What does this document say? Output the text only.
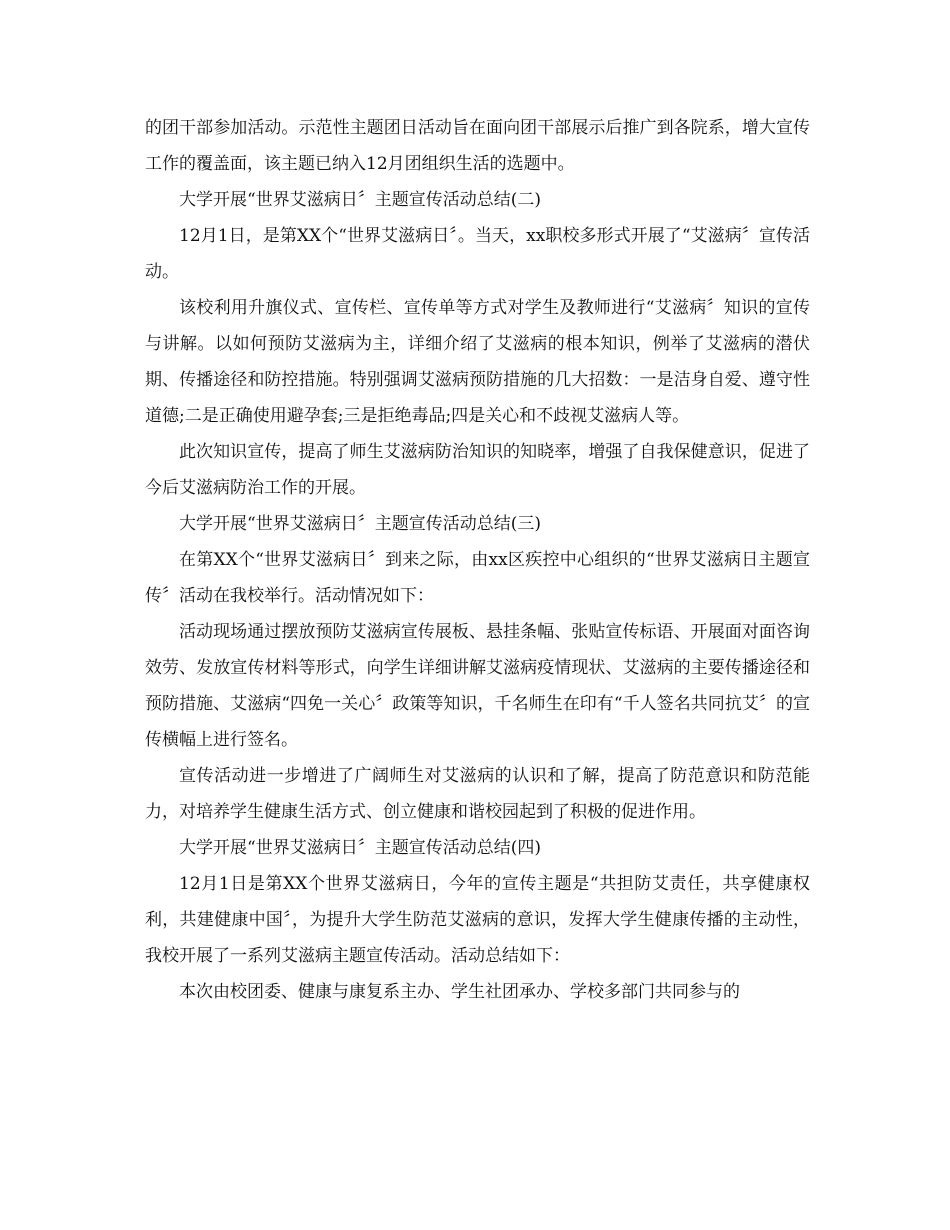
的团干部参加活动。示范性主题团日活动旨在面向团干部展示后推广到各院系，增大宣传工作的覆盖面，该主题已纳入12月团组织生活的选题中。

大学开展“世界艾滋病日〞主题宣传活动总结(二)

12月1日，是第XX个“世界艾滋病日〞。当天，xx职校多形式开展了“艾滋病〞宣传活动。

该校利用升旗仪式、宣传栏、宣传单等方式对学生及教师进行“艾滋病〞知识的宣传与讲解。以如何预防艾滋病为主，详细介绍了艾滋病的根本知识，例举了艾滋病的潜伏期、传播途径和防控措施。特别强调艾滋病预防措施的几大招数：一是洁身自爱、遵守性道德;二是正确使用避孕套;三是拒绝毒品;四是关心和不歧视艾滋病人等。

此次知识宣传，提高了师生艾滋病防治知识的知晓率，增强了自我保健意识，促进了今后艾滋病防治工作的开展。

大学开展“世界艾滋病日〞主题宣传活动总结(三)

在第XX个“世界艾滋病日〞到来之际，由xx区疾控中心组织的“世界艾滋病日主题宣传〞活动在我校举行。活动情况如下：

活动现场通过摆放预防艾滋病宣传展板、悬挂条幅、张贴宣传标语、开展面对面咨询效劳、发放宣传材料等形式，向学生详细讲解艾滋病疫情现状、艾滋病的主要传播途径和预防措施、艾滋病“四免一关心〞政策等知识，千名师生在印有“千人签名共同抗艾〞的宣传横幅上进行签名。

宣传活动进一步增进了广阔师生对艾滋病的认识和了解，提高了防范意识和防范能力，对培养学生健康生活方式、创立健康和谐校园起到了积极的促进作用。

大学开展“世界艾滋病日〞主题宣传活动总结(四)

12月1日是第XX个世界艾滋病日，今年的宣传主题是“共担防艾责任，共享健康权利，共建健康中国〞，为提升大学生防范艾滋病的意识，发挥大学生健康传播的主动性，我校开展了一系列艾滋病主题宣传活动。活动总结如下：

本次由校团委、健康与康复系主办、学生社团承办、学校多部门共同参与的
